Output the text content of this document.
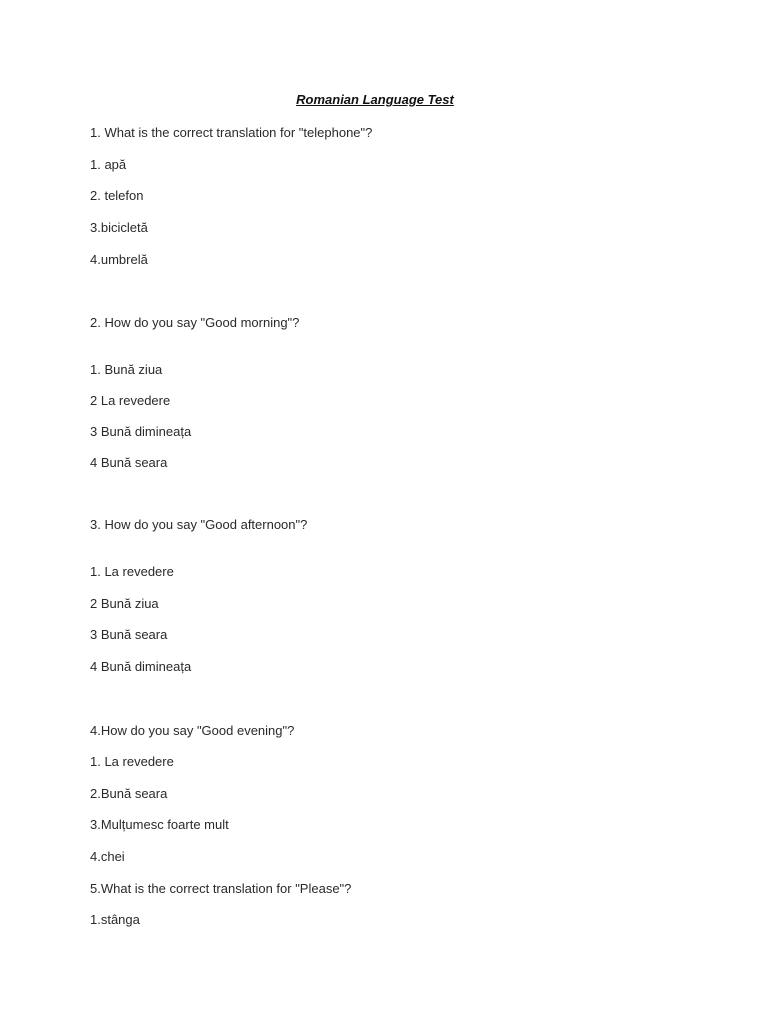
Romanian Language Test
1. What is the correct translation for "telephone"?
1. apă
2. telefon
3.bicicletă
4.umbrelă
2. How do you say "Good morning"?
1. Bună ziua
2 La revedere
3 Bună dimineața
4 Bună seara
3. How do you say "Good afternoon"?
1. La revedere
2 Bună ziua
3 Bună seara
4 Bună dimineața
4.How do you say "Good evening"?
1. La revedere
2.Bună seara
3.Mulțumesc foarte mult
4.chei
5.What is the correct translation for "Please"?
1.stânga
